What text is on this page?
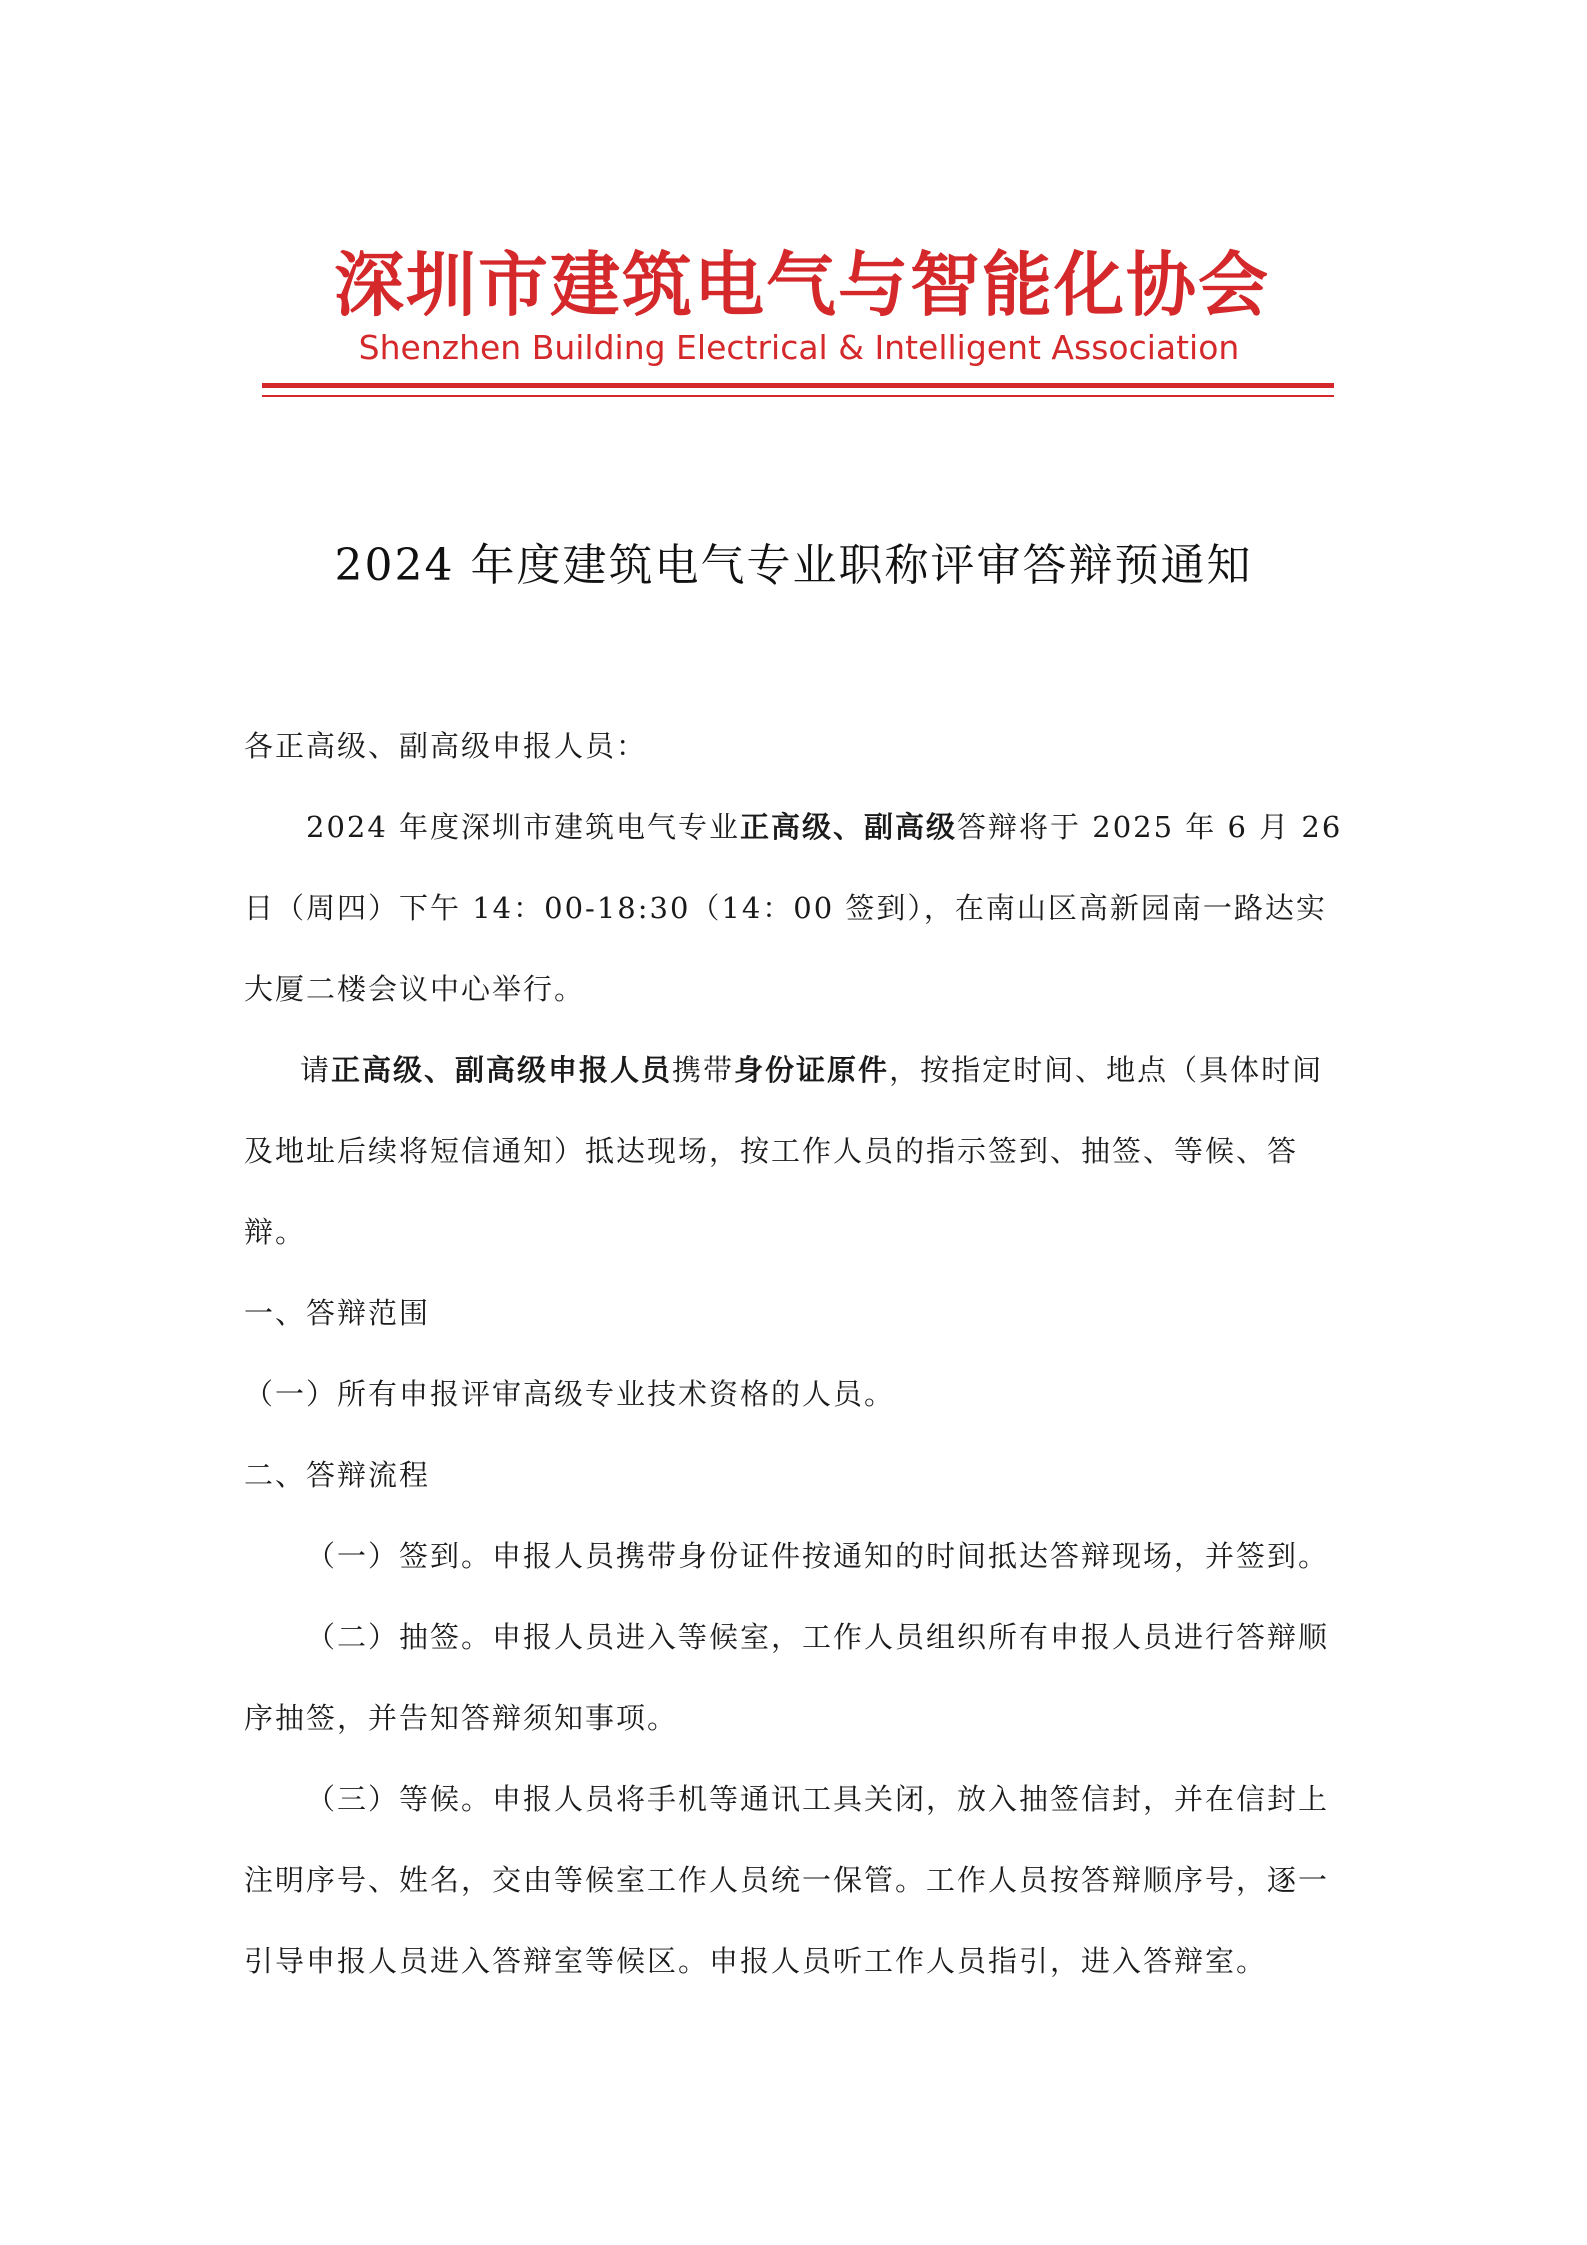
深圳市建筑电气与智能化协会
Shenzhen Building Electrical & Intelligent Association
2024 年度建筑电气专业职称评审答辩预通知

各正高级、副高级申报人员：

2024 年度深圳市建筑电气专业正高级、副高级答辩将于 2025 年 6 月 26 日（周四）下午 14：00-18:30（14：00 签到），在南山区高新园南一路达实大厦二楼会议中心举行。

请正高级、副高级申报人员携带身份证原件，按指定时间、地点（具体时间及地址后续将短信通知）抵达现场，按工作人员的指示签到、抽签、等候、答辩。

一、答辩范围

（一）所有申报评审高级专业技术资格的人员。

二、答辩流程

（一）签到。申报人员携带身份证件按通知的时间抵达答辩现场，并签到。

（二）抽签。申报人员进入等候室，工作人员组织所有申报人员进行答辩顺序抽签，并告知答辩须知事项。

（三）等候。申报人员将手机等通讯工具关闭，放入抽签信封，并在信封上注明序号、姓名，交由等候室工作人员统一保管。工作人员按答辩顺序号，逐一引导申报人员进入答辩室等候区。申报人员听工作人员指引，进入答辩室。
